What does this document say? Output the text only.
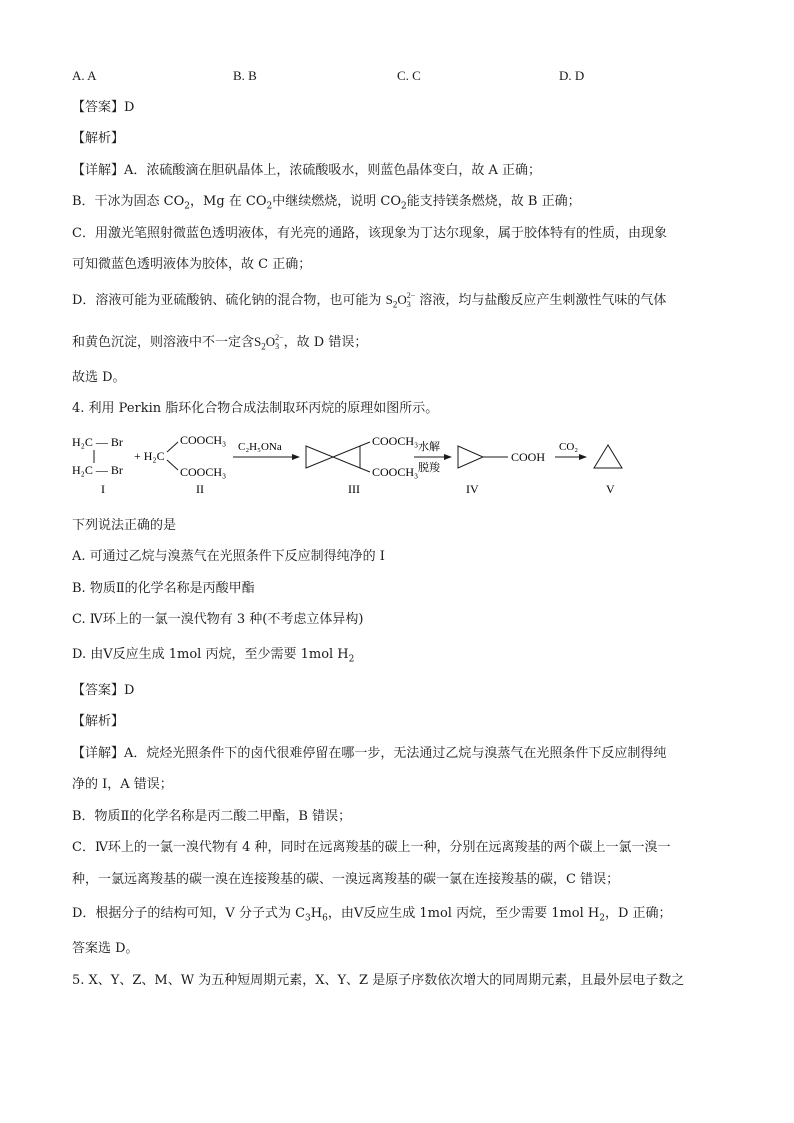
A. A	B. B	C. C	D. D
【答案】D
【解析】
【详解】A．浓硫酸滴在胆矾晶体上，浓硫酸吸水，则蓝色晶体变白，故 A 正确；
B．干冰为固态 $CO_2$，Mg 在 $CO_2$中继续燃烧，说明 $CO_2$能支持镁条燃烧，故 B 正确；
C．用激光笔照射微蓝色透明液体，有光亮的通路，该现象为丁达尔现象，属于胶体特有的性质，由现象
可知微蓝色透明液体为胶体，故 C 正确；
D．溶液可能为亚硫酸钠、硫化钠的混合物，也可能为 $S_2O$ 2−
3 溶液，均与盐酸反应产生刺激性气味的气体
和黄色沉淀，则溶液中不一定含$S_2O$ 2−
3 ，故 D 错误；
故选 D。
4. 利用 Perkin 脂环化合物合成法制取环丙烷的原理如图所示。
H₂C — Br
H₂C — Br
I
+ H₂C
COOCH₃
COOCH₃
II
C₂H₅ONa	COOCH₃
COOCH₃
III
水解
脱羧
COOH
IV
CO₂
V
下列说法正确的是
A. 可通过乙烷与溴蒸气在光照条件下反应制得纯净的 I
B. 物质Ⅱ的化学名称是丙酸甲酯
C. Ⅳ环上的一氯一溴代物有 3 种(不考虑立体异构)
D. 由Ⅴ反应生成 1mol 丙烷，至少需要 1mol $H_2$
【答案】D
【解析】
【详解】A．烷烃光照条件下的卤代很难停留在哪一步，无法通过乙烷与溴蒸气在光照条件下反应制得纯
净的 I，A 错误；
B．物质Ⅱ的化学名称是丙二酸二甲酯，B 错误；
C．Ⅳ环上的一氯一溴代物有 4 种，同时在远离羧基的碳上一种，分别在远离羧基的两个碳上一氯一溴一
种，一氯远离羧基的碳一溴在连接羧基的碳、一溴远离羧基的碳一氯在连接羧基的碳，C 错误；
D．根据分子的结构可知，V 分子式为 $C_3H_6$，由Ⅴ反应生成 1mol 丙烷，至少需要 1mol $H_2$，D 正确；
答案选 D。
5. X、Y、Z、M、W 为五种短周期元素，X、Y、Z 是原子序数依次增大的同周期元素，且最外层电子数之
